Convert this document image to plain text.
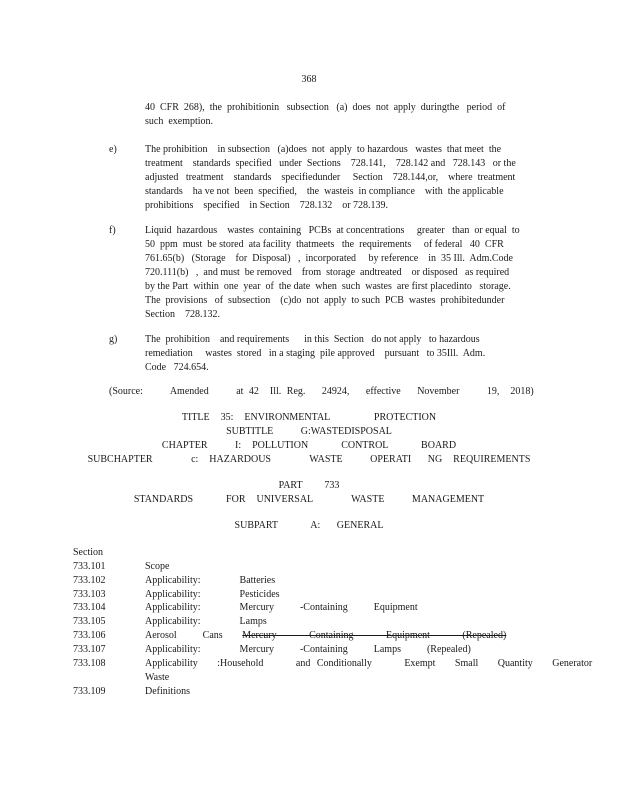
368
40  CFR  268),  the  prohibitionin   subsection   (a)  does  not  apply  duringthe   period  of
such  exemption.
e)	The prohibition    in subsection   (a)does  not  apply  to hazardous   wastes  that meet  the
treatment    standards  specified   under  Sections    728.141,    728.142 and   728.143   or the
adjusted   treatment    standards    specifiedunder     Section    728.144,or,    where  treatment
standards    ha ve not  been  specified,    the  wasteis  in compliance    with  the applicable
prohibitions    specified    in Section    728.132    or 728.139.
f)	Liquid  hazardous    wastes  containing   PCBs  at concentrations     greater   than  or equal  to
50  ppm  must  be stored  ata facility  thatmeets   the  requirements     of federal   40  CFR
761.65(b)   (Storage    for  Disposal)   ,  incorporated     by reference    in  35 Ill.  Adm.Code
720.111(b)   ,  and must  be removed    from  storage  andtreated    or disposed   as required
by the Part  within  one  year  of  the date  when  such  wastes  are first placedinto   storage.
The  provisions   of  subsection    (c)do  not  apply  to such  PCB  wastes  prohibitedunder
Section    728.132.
g)	The  prohibition    and requirements      in this  Section   do not apply   to hazardous
remediation     wastes  stored   in a staging  pile approved    pursuant   to 35Ill.  Adm.
Code   724.654.
(Source:     Amended     at 42  Ill. Reg.   24924,   effective   November     19,  2018)
TITLE  35:  ENVIRONMENTAL        PROTECTION
SUBTITLE     G:WASTEDISPOSAL
CHAPTER     I:  POLLUTION      CONTROL      BOARD
SUBCHAPTER       c:  HAZARDOUS       WASTE     OPERATI   NG  REQUIREMENTS
PART    733
STANDARDS      FOR  UNIVERSAL       WASTE     MANAGEMENT
SUBPART      A:   GENERAL
Section
733.101	Scope
733.102	Applicability:      Batteries
733.103	Applicability:      Pesticides
733.104	Applicability:      Mercury    -Containing    Equipment
733.105	Applicability:      Lamps
733.106	Aerosol    Cans Mercury     Containing     Equipment     (Repealed)
733.107	Applicability:      Mercury    -Containing    Lamps    (Repealed)
733.108	Applicability   :Household     and Conditionally     Exempt   Small   Quantity   Generator
Waste
733.109	Definitions
